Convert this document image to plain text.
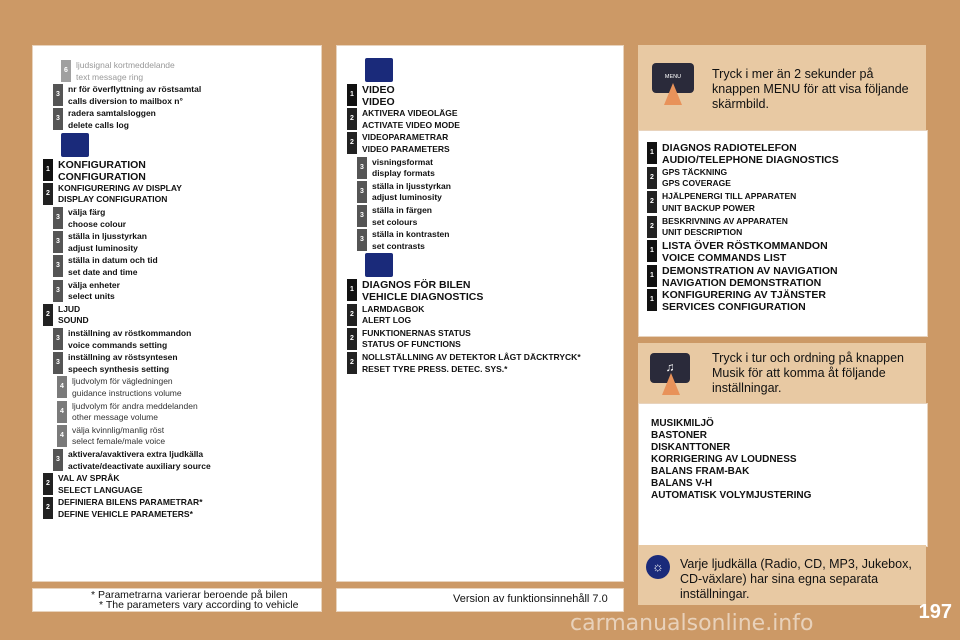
6
ljudsignal kortmeddelande
text message ring
3
nr för överflyttning av röstsamtal
calls diversion to mailbox n°
3
radera samtalsloggen
delete calls log
1 KONFIGURATION
CONFIGURATION
2
KONFIGURERING AV DISPLAY
DISPLAY CONFIGURATION
3
välja färg
choose colour
3
ställa in ljusstyrkan
adjust luminosity
3
ställa in datum och tid
set date and time
3
välja enheter
select units
2
LJUD
SOUND
3
inställning av röstkommandon
voice commands setting
3
inställning av röstsyntesen
speech synthesis setting
4
ljudvolym för vägledningen
guidance instructions volume
4
ljudvolym för andra meddelanden
other message volume
4
välja kvinnlig/manlig röst
select female/male voice
3
aktivera/avaktivera extra ljudkälla
activate/deactivate auxiliary source
2
VAL AV SPRÅK
SELECT LANGUAGE
2
DEFINIERA BILENS PARAMETRAR*
DEFINE VEHICLE PARAMETERS*
* Parametrarna varierar beroende på bilen
* The parameters vary according to vehicle
1 VIDEO
VIDEO
2
AKTIVERA VIDEOLÄGE
ACTIVATE VIDEO MODE
2
VIDEOPARAMETRAR
VIDEO PARAMETERS
3
visningsformat
display formats
3
ställa in ljusstyrkan
adjust luminosity
3
ställa in färgen
set colours
3
ställa in kontrasten
set contrasts
1 DIAGNOS FÖR BILEN
VEHICLE DIAGNOSTICS
2
LARMDAGBOK
ALERT LOG
2
FUNKTIONERNAS STATUS
STATUS OF FUNCTIONS
2
NOLLSTÄLLNING AV DETEKTOR LÅGT DÄCKTRYCK*
RESET TYRE PRESS. DETEC. SYS.*
Version av funktionsinnehåll 7.0
MENU	Tryck i mer än 2 sekunder på
knappen MENU för att visa följande
skärmbild.
1 DIAGNOS RADIOTELEFON
AUDIO/TELEPHONE DIAGNOSTICS
2
GPS TÄCKNING
GPS COVERAGE
2
HJÄLPENERGI TILL APPARATEN
UNIT BACKUP POWER
2
BESKRIVNING AV APPARATEN
UNIT DESCRIPTION
1 LISTA ÖVER RÖSTKOMMANDON
VOICE COMMANDS LIST
1 DEMONSTRATION AV NAVIGATION
NAVIGATION DEMONSTRATION
1 KONFIGURERING AV TJÄNSTER
SERVICES CONFIGURATION
♫
Tryck i tur och ordning på knappen
Musik för att komma åt följande
inställningar.
MUSIKMILJÖ
BASTONER
DISKANTTONER
KORRIGERING AV LOUDNESS
BALANS FRAM-BAK
BALANS V-H
AUTOMATISK VOLYMJUSTERING
☼	Varje ljudkälla (Radio, CD, MP3, Jukebox,
CD-växlare) har sina egna separata
inställningar.
197
carmanualsonline.info
